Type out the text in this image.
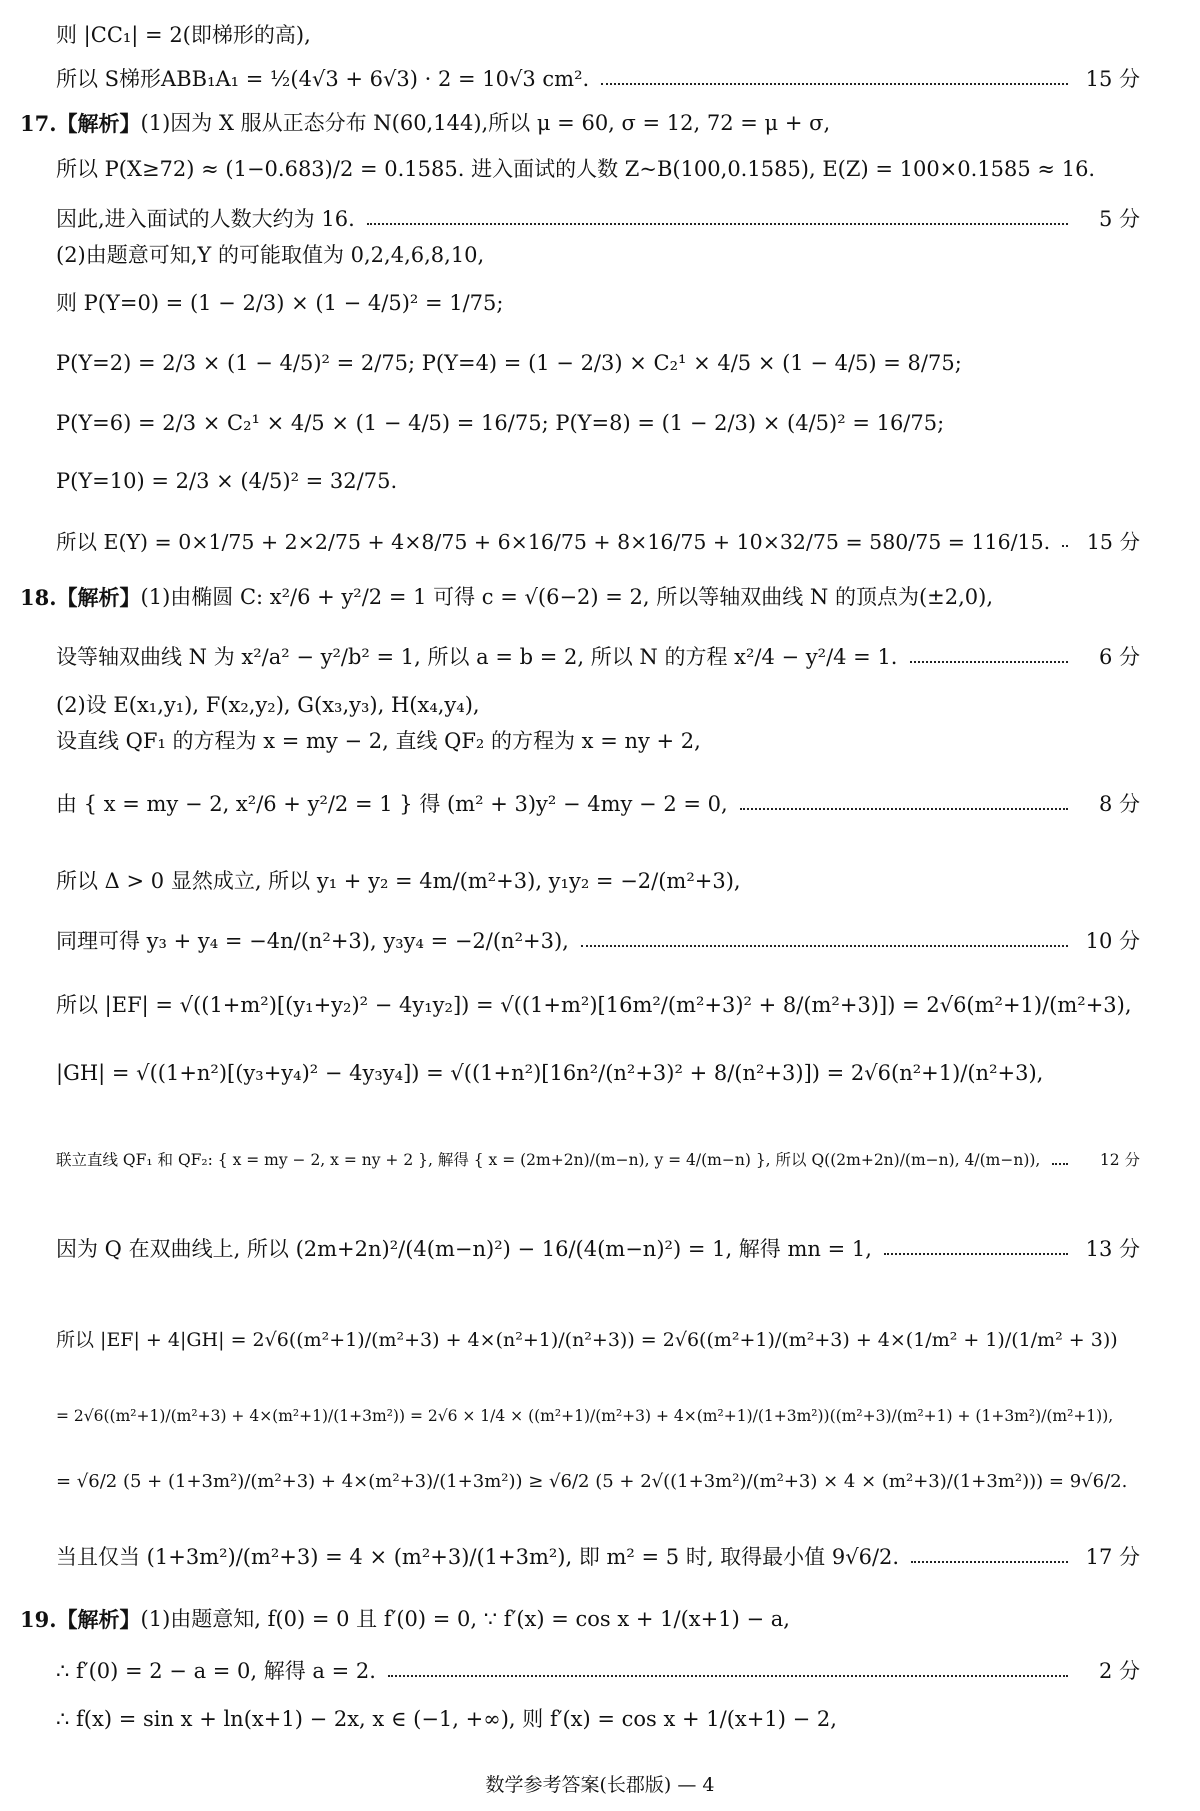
则 |CC₁| = 2(即梯形的高),
所以 S梯形ABB₁A₁ = ½(4√3 + 6√3) · 2 = 10√3 cm².	15 分
17. 【解析】 (1)因为 X 服从正态分布 N(60,144),所以 μ = 60, σ = 12, 72 = μ + σ,
所以 P(X≥72) ≈ (1−0.683)/2 = 0.1585. 进入面试的人数 Z~B(100,0.1585), E(Z) = 100×0.1585 ≈ 16.
因此,进入面试的人数大约为 16.	5 分
(2)由题意可知,Y 的可能取值为 0,2,4,6,8,10,
则 P(Y=0) = (1 − 2/3) × (1 − 4/5)² = 1/75;
P(Y=2) = 2/3 × (1 − 4/5)² = 2/75; P(Y=4) = (1 − 2/3) × C₂¹ × 4/5 × (1 − 4/5) = 8/75;
P(Y=6) = 2/3 × C₂¹ × 4/5 × (1 − 4/5) = 16/75; P(Y=8) = (1 − 2/3) × (4/5)² = 16/75;
P(Y=10) = 2/3 × (4/5)² = 32/75.
所以 E(Y) = 0×1/75 + 2×2/75 + 4×8/75 + 6×16/75 + 8×16/75 + 10×32/75 = 580/75 = 116/15.	15 分
18. 【解析】 (1)由椭圆 C: x²/6 + y²/2 = 1 可得 c = √(6−2) = 2, 所以等轴双曲线 N 的顶点为(±2,0),
设等轴双曲线 N 为 x²/a² − y²/b² = 1, 所以 a = b = 2, 所以 N 的方程 x²/4 − y²/4 = 1.	6 分
(2)设 E(x₁,y₁), F(x₂,y₂), G(x₃,y₃), H(x₄,y₄),
设直线 QF₁ 的方程为 x = my − 2, 直线 QF₂ 的方程为 x = ny + 2,
由 { x = my − 2, x²/6 + y²/2 = 1 } 得 (m² + 3)y² − 4my − 2 = 0,	8 分
所以 Δ > 0 显然成立, 所以 y₁ + y₂ = 4m/(m²+3), y₁y₂ = −2/(m²+3),
同理可得 y₃ + y₄ = −4n/(n²+3), y₃y₄ = −2/(n²+3),	10 分
所以 |EF| = √((1+m²)[(y₁+y₂)² − 4y₁y₂]) = √((1+m²)[16m²/(m²+3)² + 8/(m²+3)]) = 2√6(m²+1)/(m²+3),
|GH| = √((1+n²)[(y₃+y₄)² − 4y₃y₄]) = √((1+n²)[16n²/(n²+3)² + 8/(n²+3)]) = 2√6(n²+1)/(n²+3),
联立直线 QF₁ 和 QF₂: { x = my − 2, x = ny + 2 }, 解得 { x = (2m+2n)/(m−n), y = 4/(m−n) }, 所以 Q((2m+2n)/(m−n), 4/(m−n)),	12 分
因为 Q 在双曲线上, 所以 (2m+2n)²/(4(m−n)²) − 16/(4(m−n)²) = 1, 解得 mn = 1,	13 分
所以 |EF| + 4|GH| = 2√6((m²+1)/(m²+3) + 4×(n²+1)/(n²+3)) = 2√6((m²+1)/(m²+3) + 4×(1/m² + 1)/(1/m² + 3))
= 2√6((m²+1)/(m²+3) + 4×(m²+1)/(1+3m²)) = 2√6 × 1/4 × ((m²+1)/(m²+3) + 4×(m²+1)/(1+3m²))((m²+3)/(m²+1) + (1+3m²)/(m²+1)),
= √6/2 (5 + (1+3m²)/(m²+3) + 4×(m²+3)/(1+3m²)) ≥ √6/2 (5 + 2√((1+3m²)/(m²+3) × 4 × (m²+3)/(1+3m²))) = 9√6/2.
当且仅当 (1+3m²)/(m²+3) = 4 × (m²+3)/(1+3m²), 即 m² = 5 时, 取得最小值 9√6/2.	17 分
19. 【解析】 (1)由题意知, f(0) = 0 且 f′(0) = 0, ∵ f′(x) = cos x + 1/(x+1) − a,
∴ f′(0) = 2 − a = 0, 解得 a = 2.	2 分
∴ f(x) = sin x + ln(x+1) − 2x, x ∈ (−1, +∞), 则 f′(x) = cos x + 1/(x+1) − 2,
数学参考答案(长郡版) — 4
